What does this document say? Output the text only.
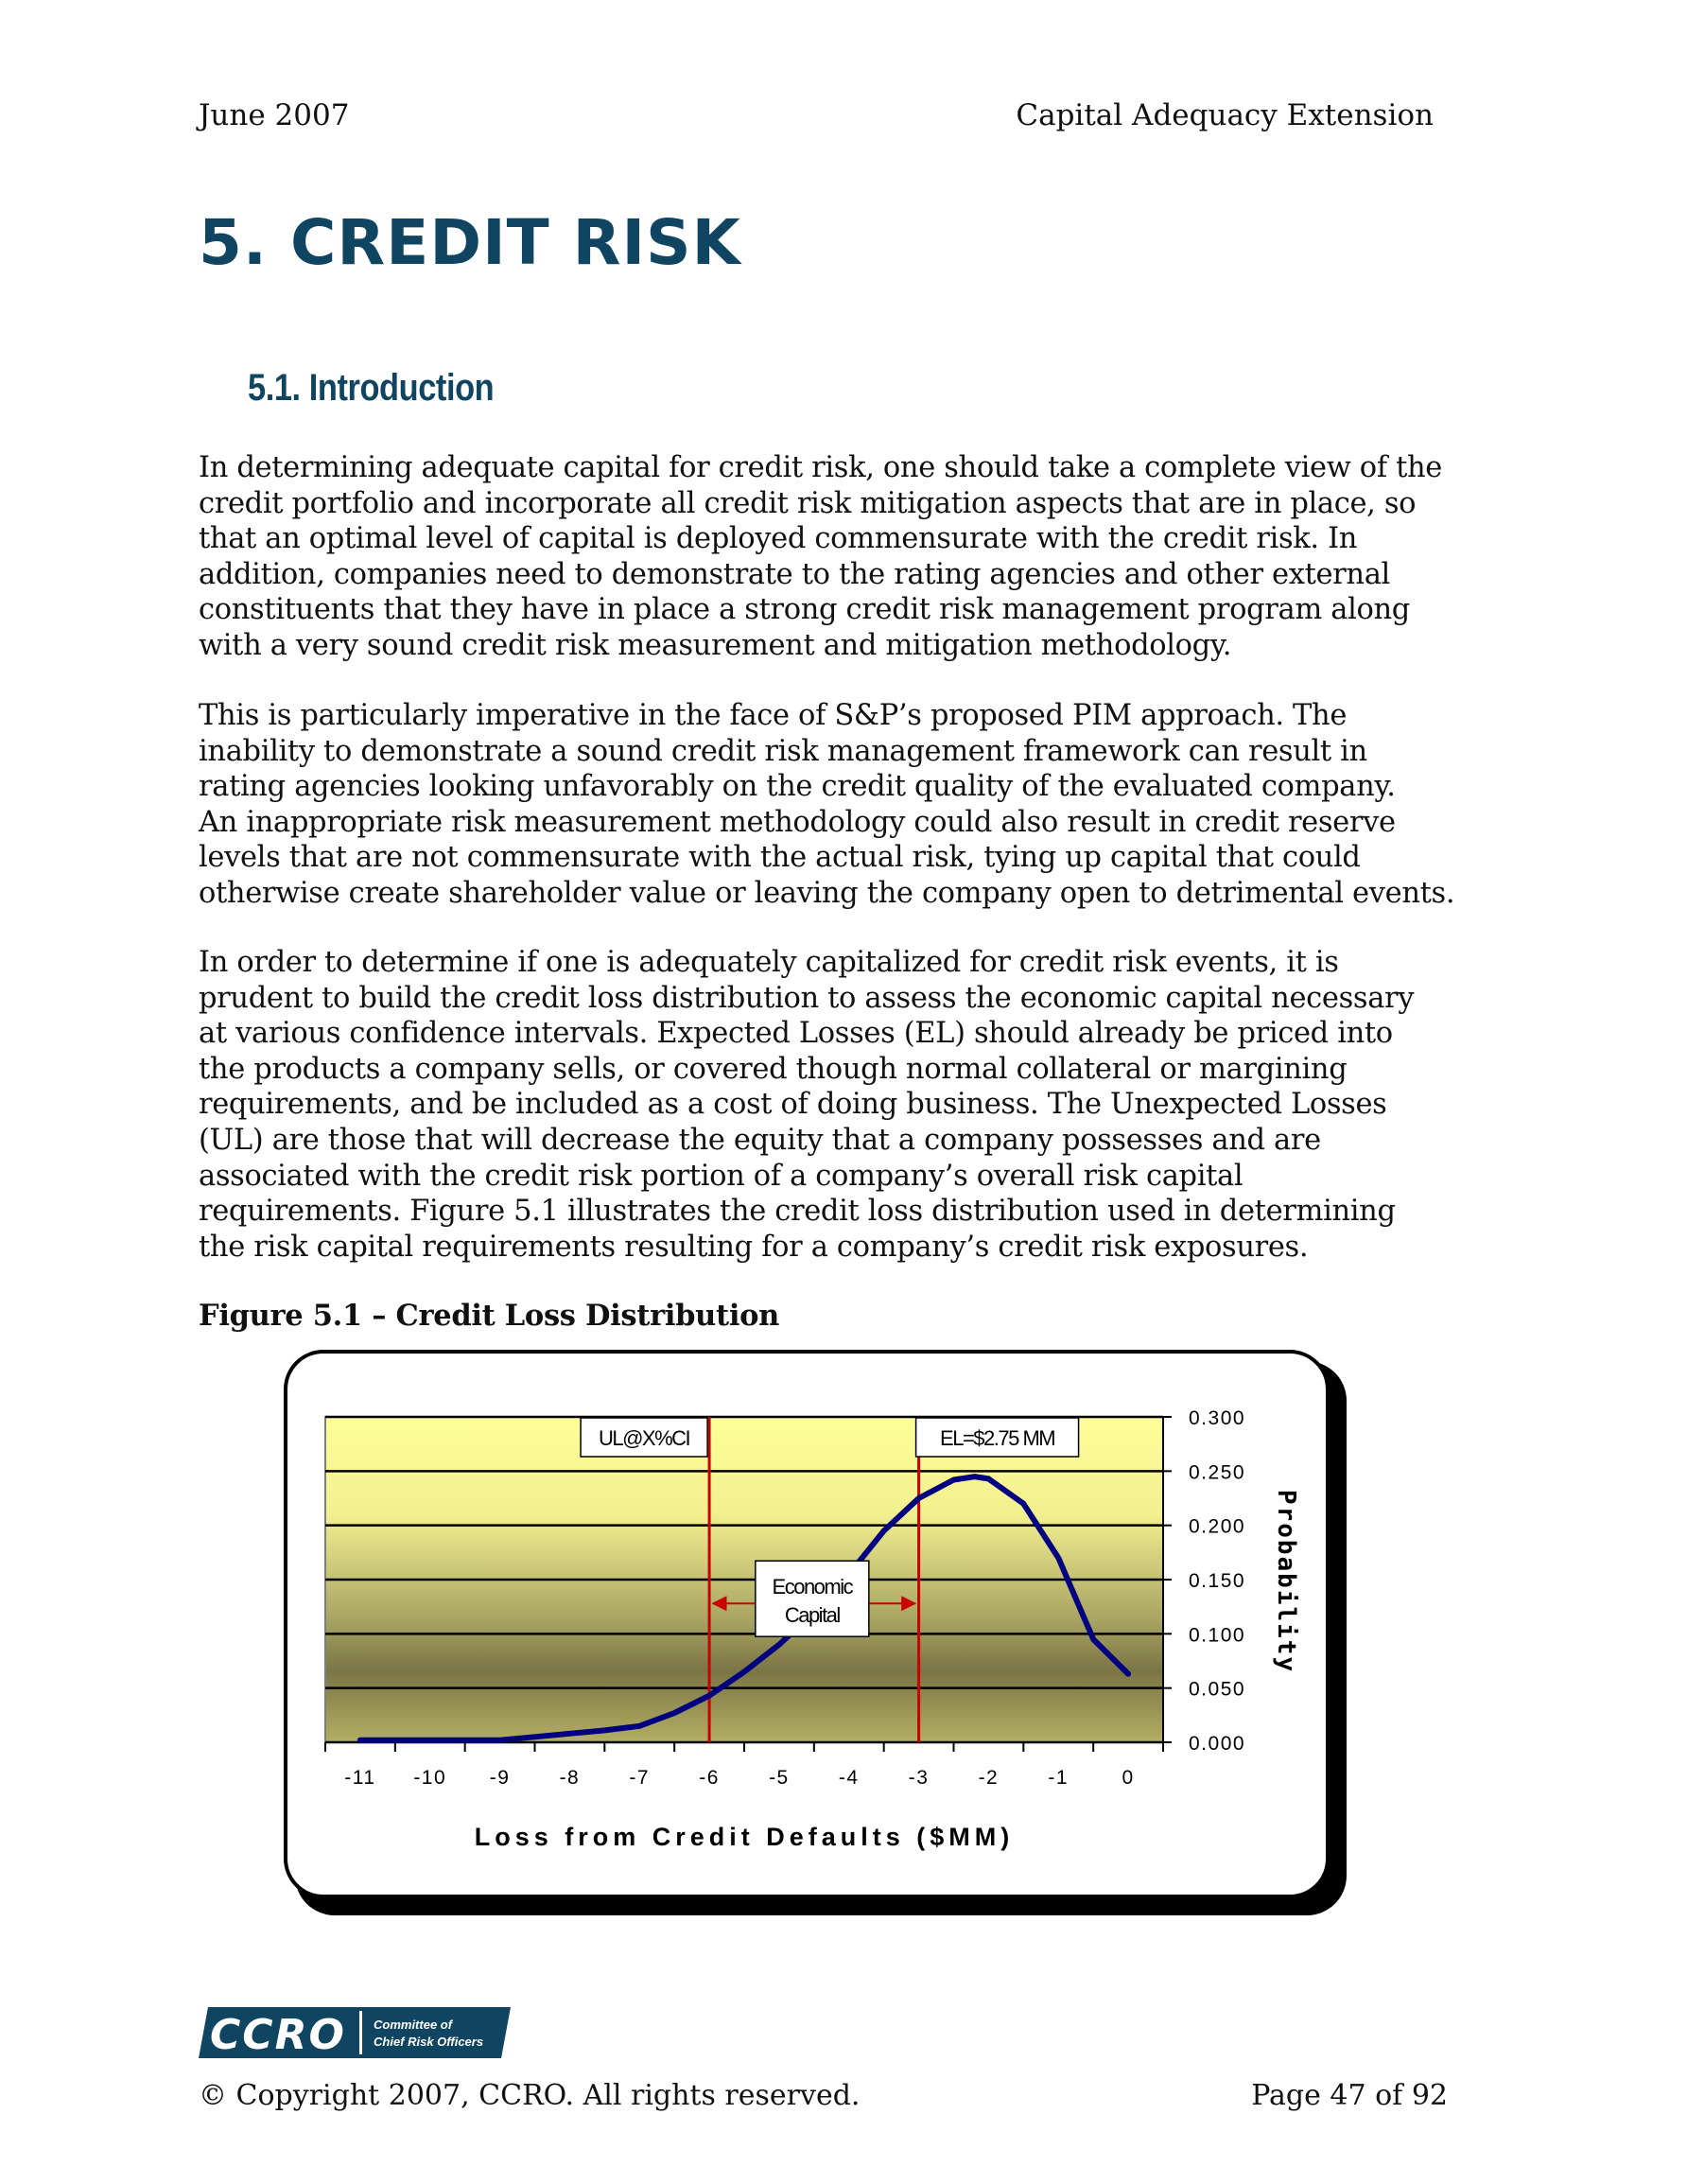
June 2007	Capital Adequacy Extension
5. CREDIT RISK
5.1. Introduction

In determining adequate capital for credit risk, one should take a complete view of the
credit portfolio and incorporate all credit risk mitigation aspects that are in place, so
that an optimal level of capital is deployed commensurate with the credit risk. In
addition, companies need to demonstrate to the rating agencies and other external
constituents that they have in place a strong credit risk management program along
with a very sound credit risk measurement and mitigation methodology.

This is particularly imperative in the face of S&P’s proposed PIM approach. The
inability to demonstrate a sound credit risk management framework can result in
rating agencies looking unfavorably on the credit quality of the evaluated company.
An inappropriate risk measurement methodology could also result in credit reserve
levels that are not commensurate with the actual risk, tying up capital that could
otherwise create shareholder value or leaving the company open to detrimental events.

In order to determine if one is adequately capitalized for credit risk events, it is
prudent to build the credit loss distribution to assess the economic capital necessary
at various confidence intervals. Expected Losses (EL) should already be priced into
the products a company sells, or covered though normal collateral or margining
requirements, and be included as a cost of doing business. The Unexpected Losses
(UL) are those that will decrease the equity that a company possesses and are
associated with the credit risk portion of a company’s overall risk capital
requirements. Figure 5.1 illustrates the credit loss distribution used in determining
the risk capital requirements resulting for a company’s credit risk exposures.

Figure 5.1 – Credit Loss Distribution

-11 -10 -9 -8 -7 -6 -5 -4 -3 -2 -1	0
0.000
0.050
0.100
0.150
0.200
0.250
0.300
UL@X%CI	EL=$2.75 MM
Economic
Capital
Loss from Credit Defaults ($MM)
Probability
CCRO Committee of
Chief Risk Officers
© Copyright 2007, CCRO. All rights reserved.	Page 47 of 92
